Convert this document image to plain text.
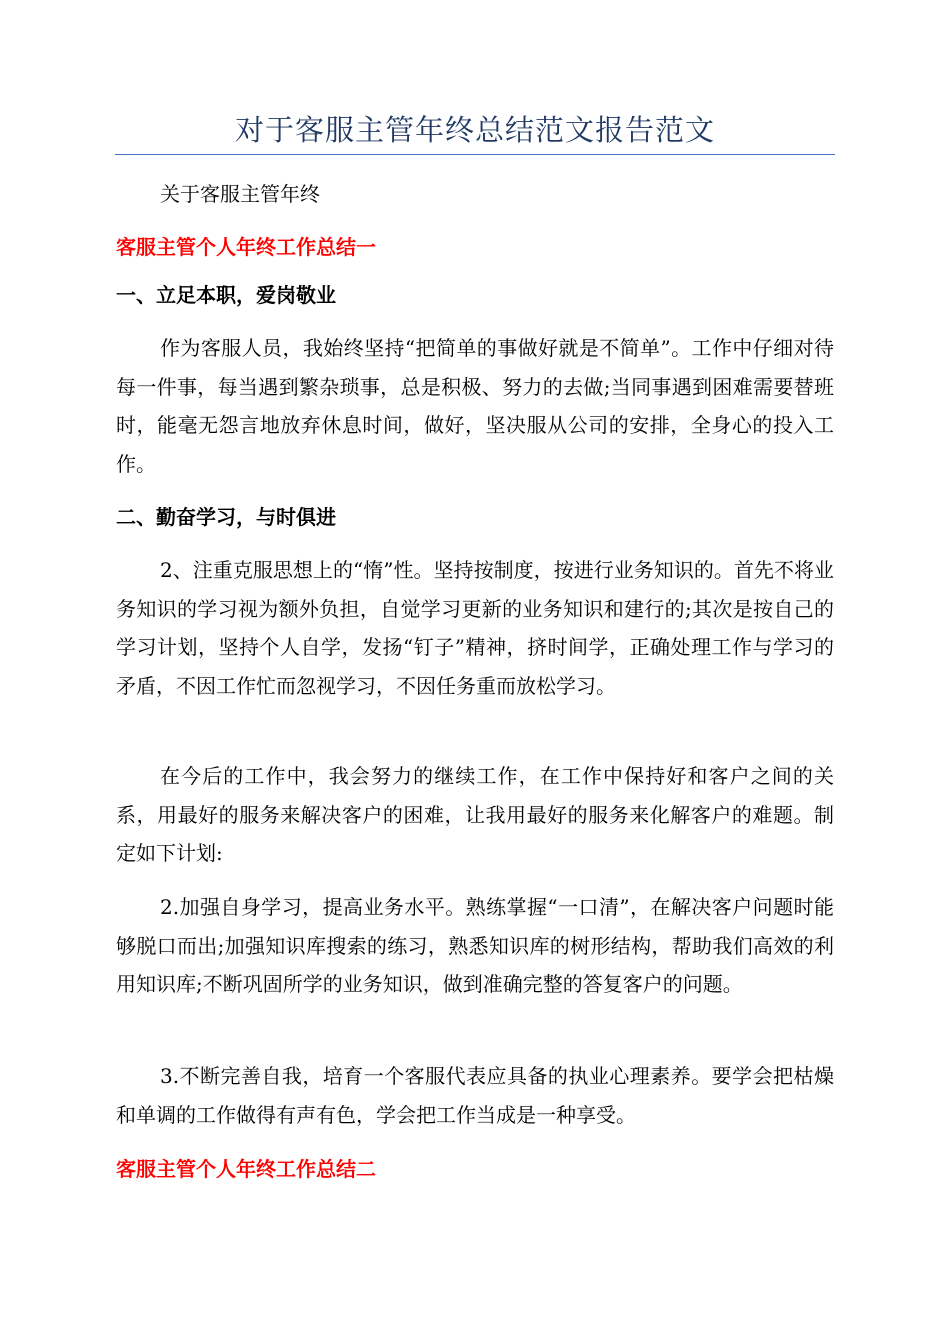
对于客服主管年终总结范文报告范文

关于客服主管年终

客服主管个人年终工作总结一

一、立足本职，爱岗敬业

作为客服人员，我始终坚持“把简单的事做好就是不简单”。工作中仔细对待每一件事，每当遇到繁杂琐事，总是积极、努力的去做;当同事遇到困难需要替班时，能毫无怨言地放弃休息时间，做好，坚决服从公司的安排，全身心的投入工作。

二、勤奋学习，与时俱进

2、注重克服思想上的“惰”性。坚持按制度，按进行业务知识的。首先不将业务知识的学习视为额外负担，自觉学习更新的业务知识和建行的;其次是按自己的学习计划，坚持个人自学，发扬“钉子”精神，挤时间学，正确处理工作与学习的矛盾，不因工作忙而忽视学习，不因任务重而放松学习。

在今后的工作中，我会努力的继续工作，在工作中保持好和客户之间的关系，用最好的服务来解决客户的困难，让我用最好的服务来化解客户的难题。制定如下计划:

2.加强自身学习，提高业务水平。熟练掌握“一口清”，在解决客户问题时能够脱口而出;加强知识库搜索的练习，熟悉知识库的树形结构，帮助我们高效的利用知识库;不断巩固所学的业务知识，做到准确完整的答复客户的问题。

3.不断完善自我，培育一个客服代表应具备的执业心理素养。要学会把枯燥和单调的工作做得有声有色，学会把工作当成是一种享受。

客服主管个人年终工作总结二
